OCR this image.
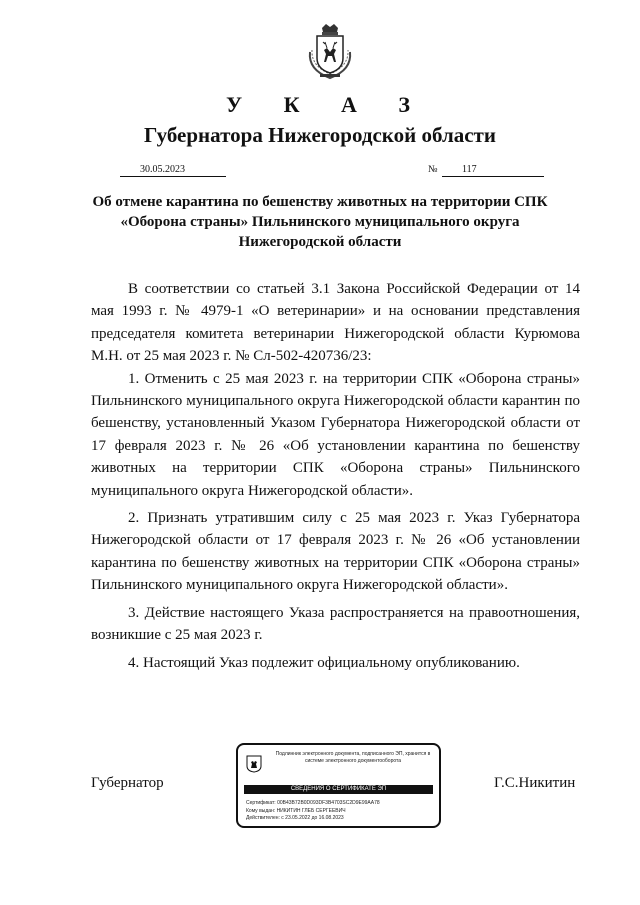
У К А З
Губернатора Нижегородской области
30.05.2023	№	117
Об отмене карантина по бешенству животных на территории СПК «Оборона страны» Пильнинского муниципального округа Нижегородской области

В соответствии со статьей 3.1 Закона Российской Федерации от 14 мая 1993 г. № 4979-1 «О ветеринарии» и на основании представления председателя комитета ветеринарии Нижегородской области Курюмова М.Н. от 25 мая 2023 г. № Сл-502-420736/23:

1. Отменить с 25 мая 2023 г. на территории СПК «Оборона страны» Пильнинского муниципального округа Нижегородской области карантин по бешенству, установленный Указом Губернатора Нижегородской области от 17 февраля 2023 г. № 26 «Об установлении карантина по бешенству животных на территории СПК «Оборона страны» Пильнинского муниципального округа Нижегородской области».

2. Признать утратившим силу с 25 мая 2023 г. Указ Губернатора Нижегородской области от 17 февраля 2023 г. № 26 «Об установлении карантина по бешенству животных на территории СПК «Оборона страны» Пильнинского муниципального округа Нижегородской области».

3. Действие настоящего Указа распространяется на правоотношения, возникшие с 25 мая 2023 г.

4. Настоящий Указ подлежит официальному опубликованию.

Губернатор	Г.С.Никитин
Подлинник электронного документа, подписанного ЭП, хранится в системе электронного документооборота
СВЕДЕНИЯ О СЕРТИФИКАТЕ ЭП
Сертификат: 00B43B72B0D093DF3B4703SC2D9E99AA78
Кому выдан: НИКИТИН ГЛЕБ СЕРГЕЕВИЧ
Действителен: с 23.05.2022 до 16.08.2023
